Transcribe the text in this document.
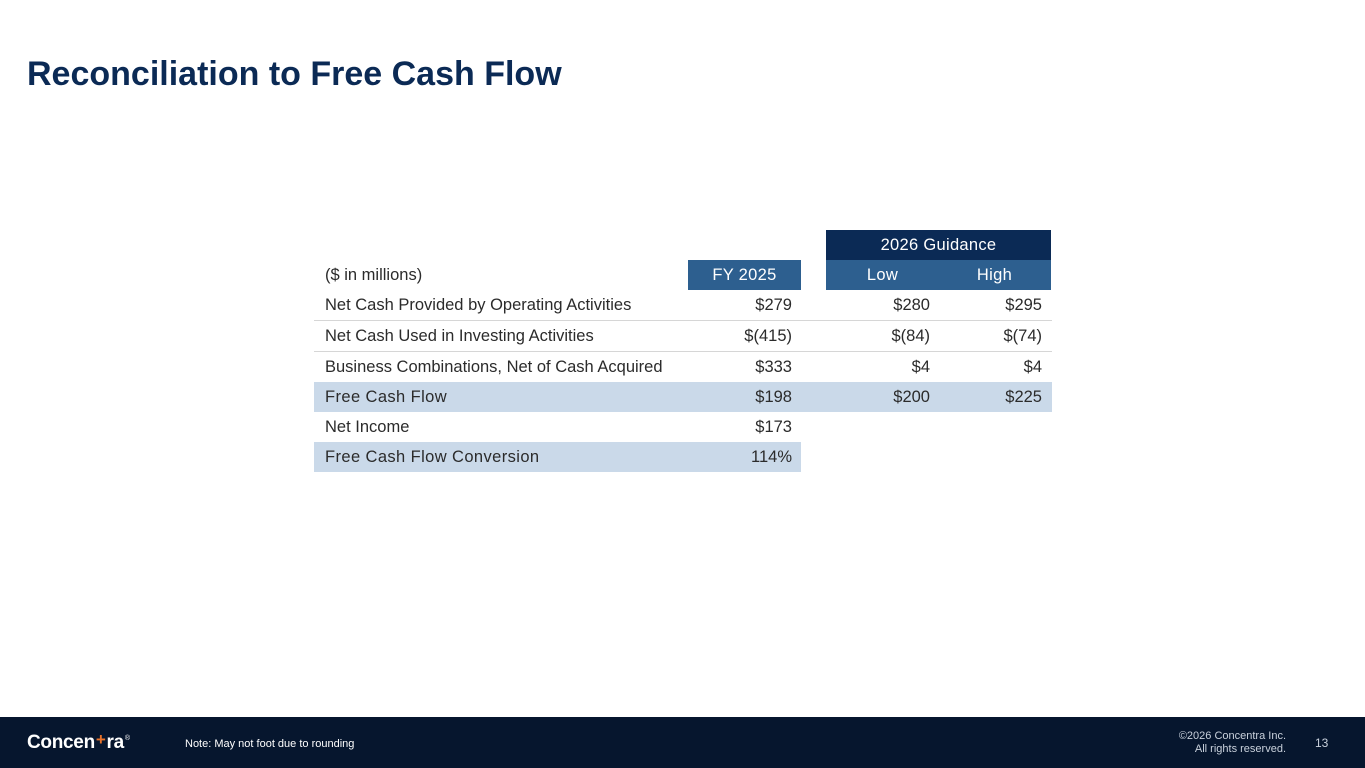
Reconciliation to Free Cash Flow
2026 Guidance
($ in millions)	FY 2025	Low	High
Net Cash Provided by Operating Activities	$279	$280	$295
Net Cash Used in Investing Activities	$(415)	$(84)	$(74)
Business Combinations, Net of Cash Acquired	$333	$4	$4
Free Cash Flow	$198	$200	$225
Net Income	$173
Free Cash Flow Conversion	114%
Concen + ra ®	Note: May not foot due to rounding
©2026 Concentra Inc.
All rights reserved. 13
